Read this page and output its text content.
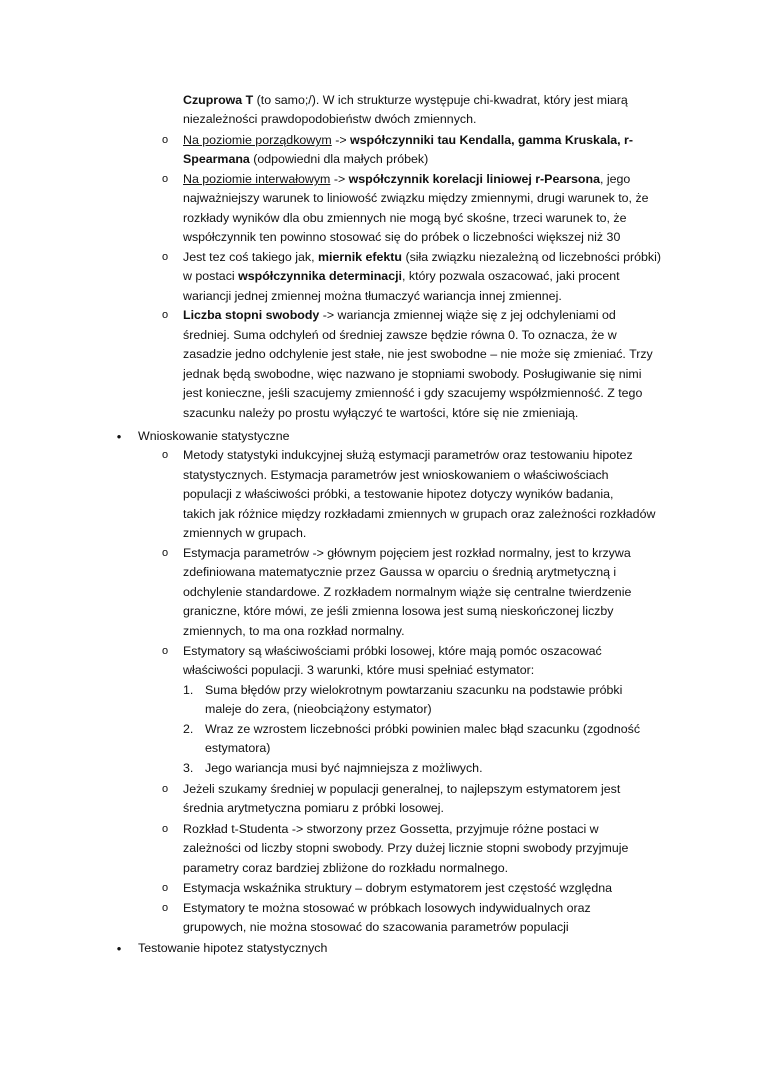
Czuprowa T (to samo;/). W ich strukturze występuje chi-kwadrat, który jest miarą
niezależności prawdopodobieństw dwóch zmiennych.
o Na poziomie porządkowym -> współczynniki tau Kendalla, gamma Kruskala, r-
Spearmana (odpowiedni dla małych próbek)
o Na poziomie interwałowym -> współczynnik korelacji liniowej r-Pearsona, jego
najważniejszy warunek to liniowość związku między zmiennymi, drugi warunek to, że
rozkłady wyników dla obu zmiennych nie mogą być skośne, trzeci warunek to, że
współczynnik ten powinno stosować się do próbek o liczebności większej niż 30
o Jest tez coś takiego jak, miernik efektu (siła związku niezależną od liczebności próbki)
w postaci współczynnika determinacji, który pozwala oszacować, jaki procent
wariancji jednej zmiennej można tłumaczyć wariancja innej zmiennej.
o Liczba stopni swobody -> wariancja zmiennej wiąże się z jej odchyleniami od
średniej. Suma odchyleń od średniej zawsze będzie równa 0. To oznacza, że w
zasadzie jedno odchylenie jest stałe, nie jest swobodne – nie może się zmieniać. Trzy
jednak będą swobodne, więc nazwano je stopniami swobody. Posługiwanie się nimi
jest konieczne, jeśli szacujemy zmienność i gdy szacujemy współzmienność. Z tego
szacunku należy po prostu wyłączyć te wartości, które się nie zmieniają.
• Wnioskowanie statystyczne
o Metody statystyki indukcyjnej służą estymacji parametrów oraz testowaniu hipotez
statystycznych. Estymacja parametrów jest wnioskowaniem o właściwościach
populacji z właściwości próbki, a testowanie hipotez dotyczy wyników badania,
takich jak różnice między rozkładami zmiennych w grupach oraz zależności rozkładów
zmiennych w grupach.
o Estymacja parametrów -> głównym pojęciem jest rozkład normalny, jest to krzywa
zdefiniowana matematycznie przez Gaussa w oparciu o średnią arytmetyczną i
odchylenie standardowe. Z rozkładem normalnym wiąże się centralne twierdzenie
graniczne, które mówi, ze jeśli zmienna losowa jest sumą nieskończonej liczby
zmiennych, to ma ona rozkład normalny.
o Estymatory są właściwościami próbki losowej, które mają pomóc oszacować
właściwości populacji. 3 warunki, które musi spełniać estymator:
1. Suma błędów przy wielokrotnym powtarzaniu szacunku na podstawie próbki
maleje do zera, (nieobciążony estymator)
2. Wraz ze wzrostem liczebności próbki powinien malec błąd szacunku (zgodność
estymatora)
3. Jego wariancja musi być najmniejsza z możliwych.
o Jeżeli szukamy średniej w populacji generalnej, to najlepszym estymatorem jest
średnia arytmetyczna pomiaru z próbki losowej.
o Rozkład t-Studenta -> stworzony przez Gossetta, przyjmuje różne postaci w
zależności od liczby stopni swobody. Przy dużej licznie stopni swobody przyjmuje
parametry coraz bardziej zbliżone do rozkładu normalnego.
o Estymacja wskaźnika struktury – dobrym estymatorem jest częstość względna
o Estymatory te można stosować w próbkach losowych indywidualnych oraz
grupowych, nie można stosować do szacowania parametrów populacji
• Testowanie hipotez statystycznych
